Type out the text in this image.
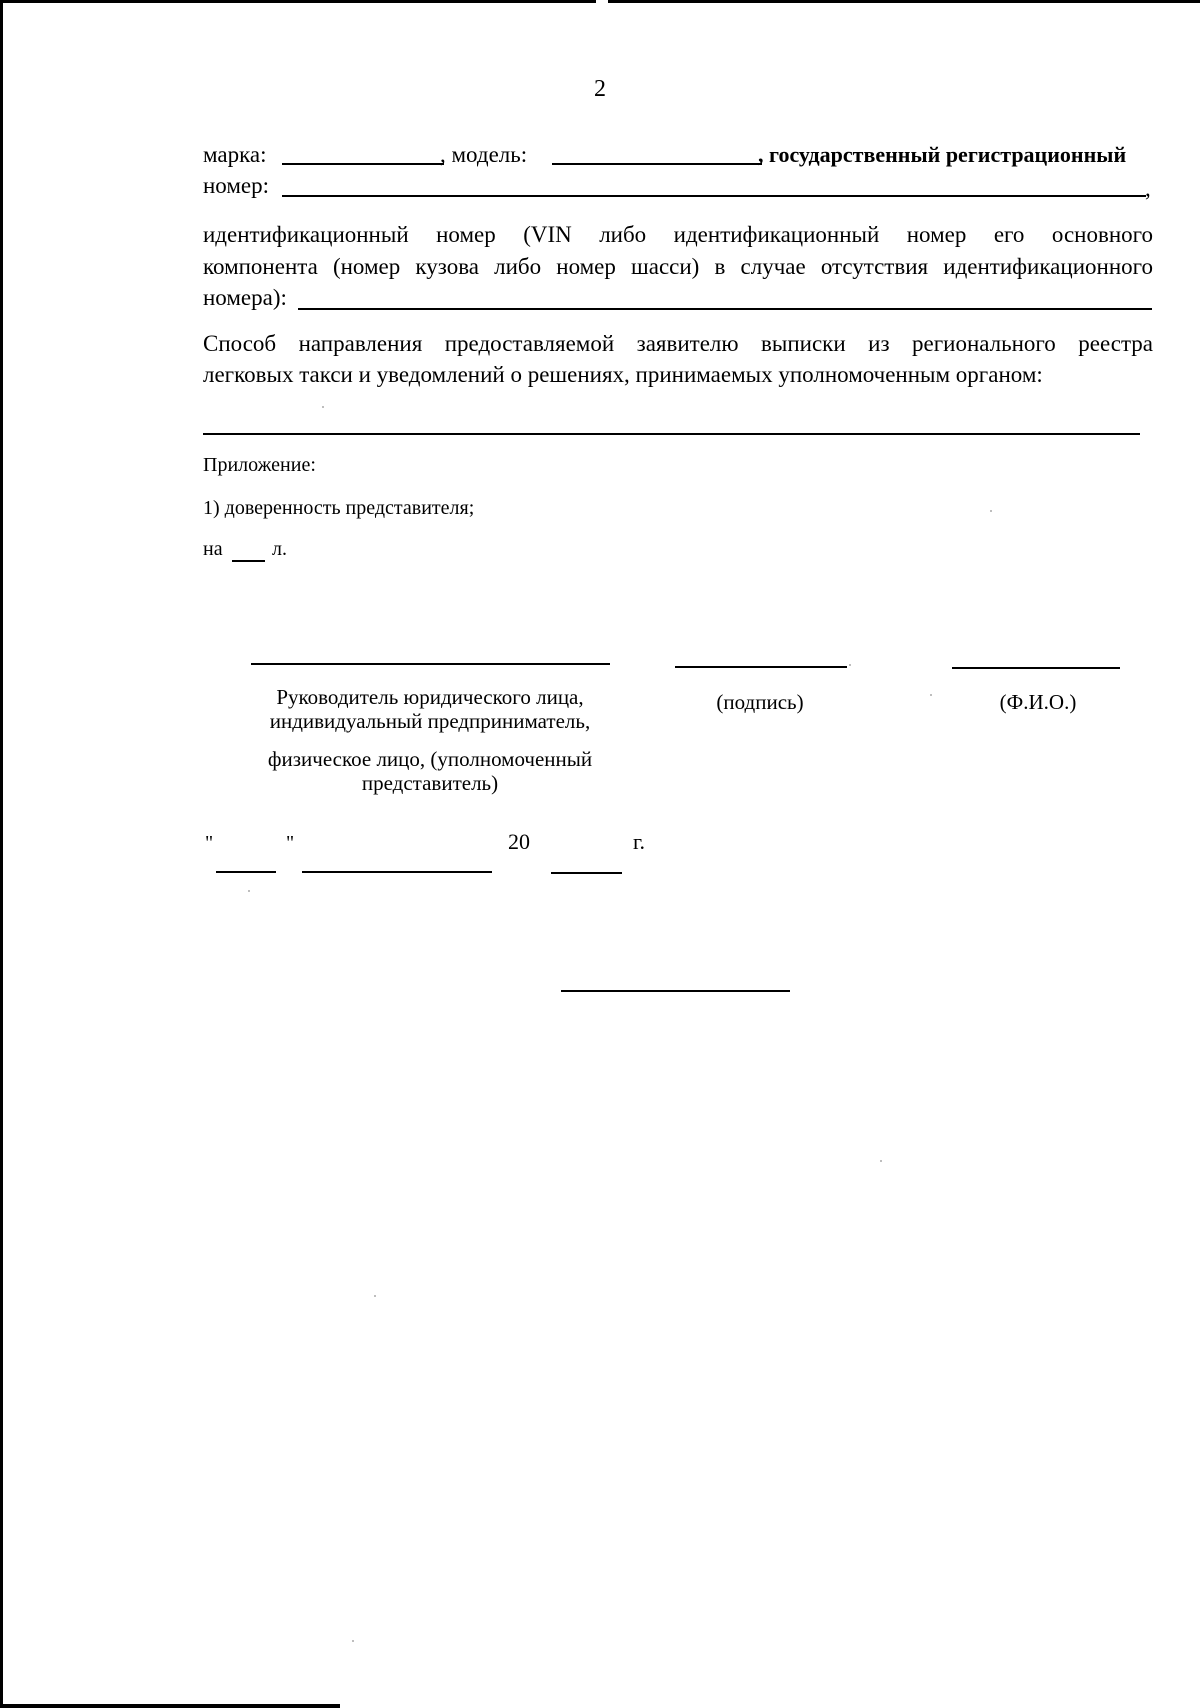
2
марка:	, модель:	, государственный регистрационный
номер:	,
идентификационный номер (VIN либо идентификационный номер его основного
компонента (номер кузова либо номер шасси) в случае отсутствия идентификационного
номера):
Способ направления предоставляемой заявителю выписки из регионального реестра
легковых такси и уведомлений о решениях, принимаемых уполномоченным органом:
Приложение:
1) доверенность представителя;
на л.
Руководитель юридического лица,
индивидуальный предприниматель,
физическое лицо, (уполномоченный
представитель)
(подпись)	(Ф.И.О.)
"	"	20	г.
